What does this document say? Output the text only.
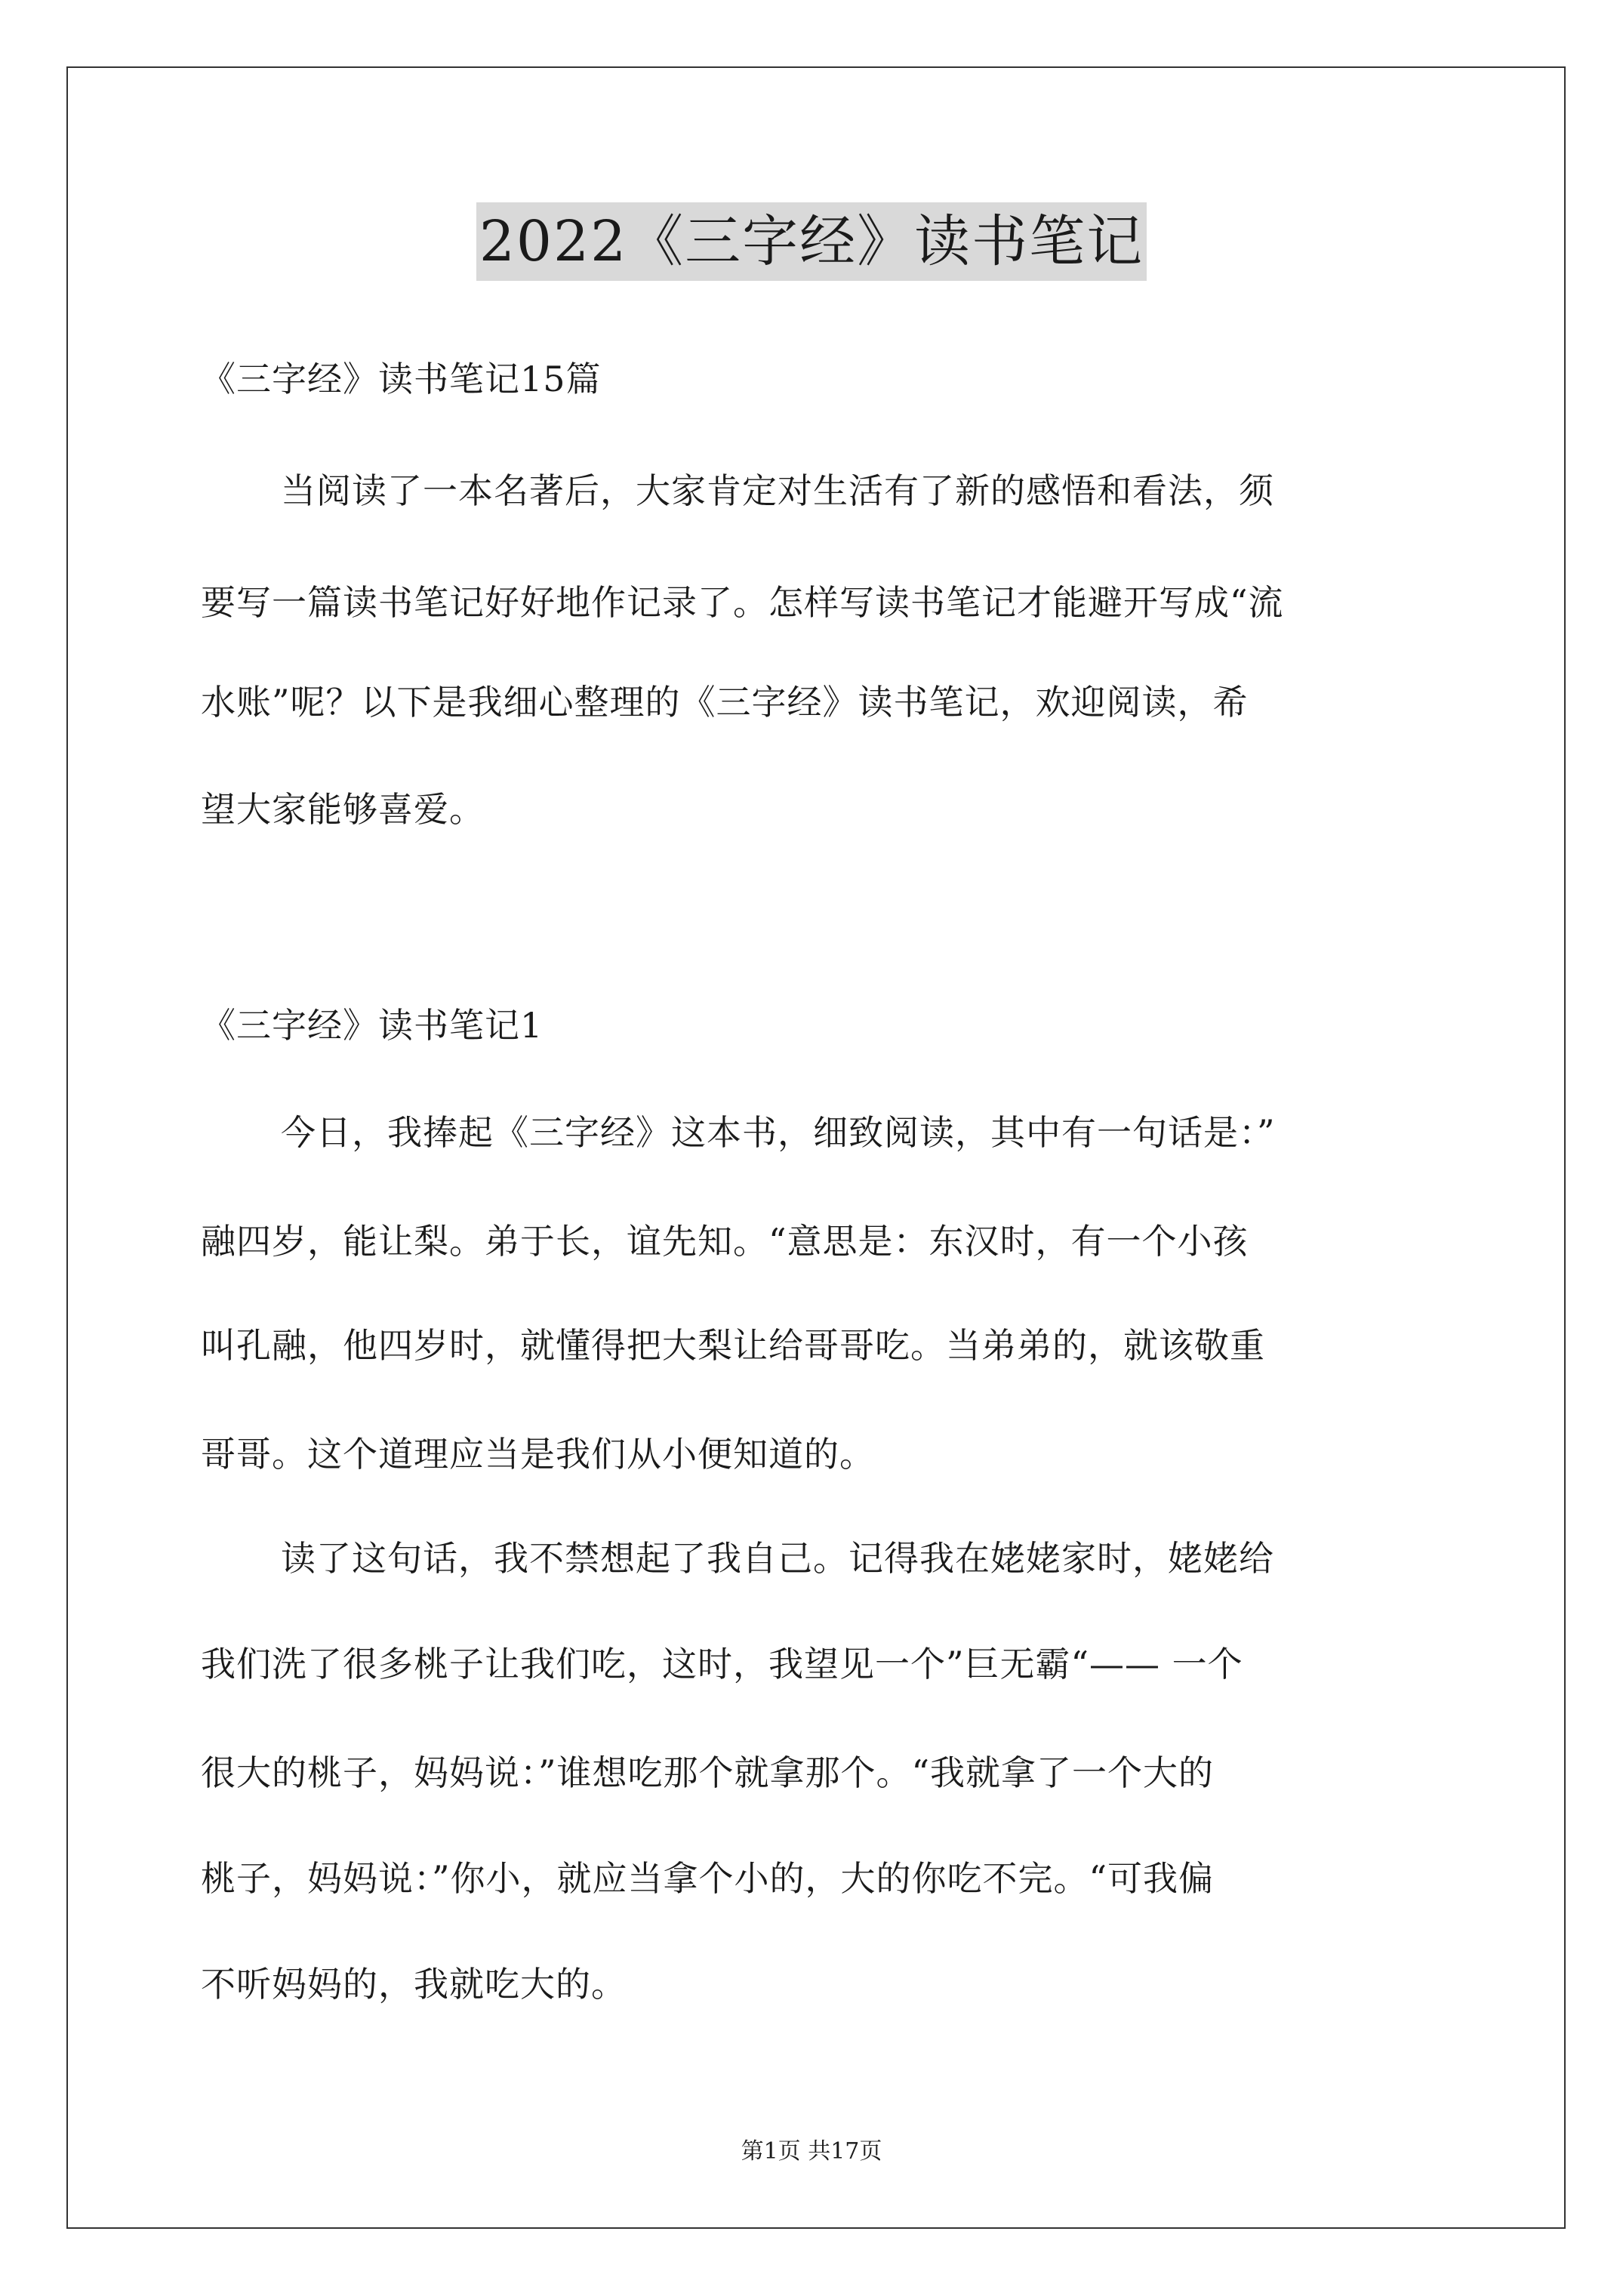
2022《三字经》读书笔记

《三字经》读书笔记15篇

当阅读了一本名著后，大家肯定对生活有了新的感悟和看法，须

要写一篇读书笔记好好地作记录了。怎样写读书笔记才能避开写成“流

水账”呢？以下是我细心整理的《三字经》读书笔记，欢迎阅读，希

望大家能够喜爱。

《三字经》读书笔记1

今日，我捧起《三字经》这本书，细致阅读，其中有一句话是：”

融四岁，能让梨。弟于长，谊先知。“意思是：东汉时，有一个小孩

叫孔融，他四岁时，就懂得把大梨让给哥哥吃。当弟弟的，就该敬重

哥哥。这个道理应当是我们从小便知道的。

读了这句话，我不禁想起了我自己。记得我在姥姥家时，姥姥给

我们洗了很多桃子让我们吃，这时，我望见一个”巨无霸“—— 一个

很大的桃子，妈妈说：”谁想吃那个就拿那个。“我就拿了一个大的

桃子，妈妈说：”你小，就应当拿个小的，大的你吃不完。“可我偏

不听妈妈的，我就吃大的。

第1页 共17页
